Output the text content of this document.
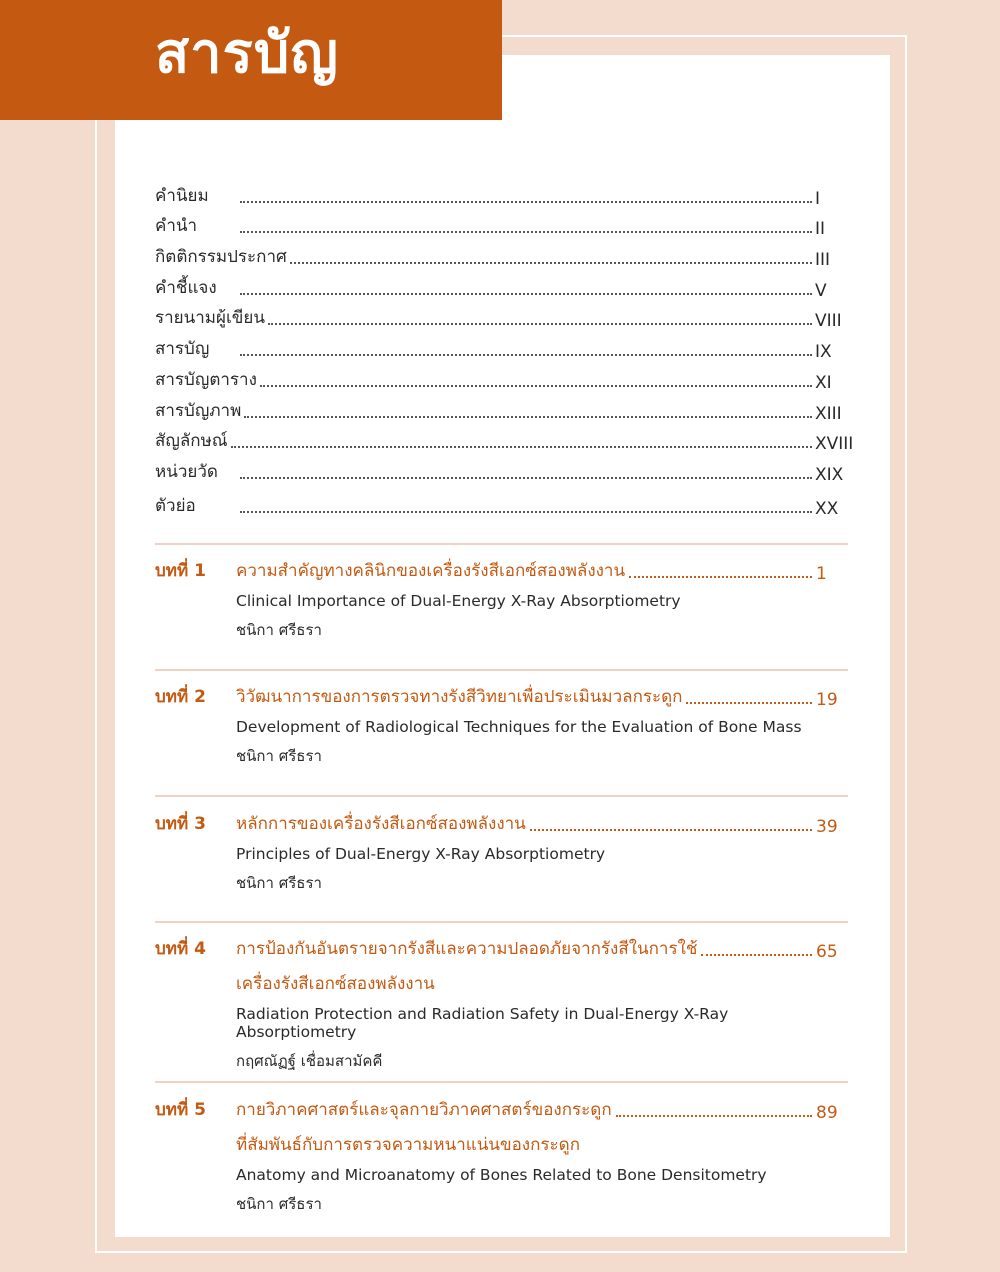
สารบัญ
คำนิยม	I
คำนำ	II
กิตติกรรมประกาศ	III
คำชี้แจง	V
รายนามผู้เขียน	VIII
สารบัญ	IX
สารบัญตาราง	XI
สารบัญภาพ	XIII
สัญลักษณ์	XVIII
หน่วยวัด	XIX
ตัวย่อ	XX
บทที่ 1	ความสำคัญทางคลินิกของเครื่องรังสีเอกซ์สองพลังงาน	1
Clinical Importance of Dual-Energy X-Ray Absorptiometry
ชนิกา ศรีธรา
บทที่ 2	วิวัฒนาการของการตรวจทางรังสีวิทยาเพื่อประเมินมวลกระดูก	19
Development of Radiological Techniques for the Evaluation of Bone Mass
ชนิกา ศรีธรา
บทที่ 3	หลักการของเครื่องรังสีเอกซ์สองพลังงาน	39
Principles of Dual-Energy X-Ray Absorptiometry
ชนิกา ศรีธรา
บทที่ 4	การป้องกันอันตรายจากรังสีและความปลอดภัยจากรังสีในการใช้	65
เครื่องรังสีเอกซ์สองพลังงาน
Radiation Protection and Radiation Safety in Dual-Energy X-Ray Absorptiometry
กฤศณัฏฐ์ เชื่อมสามัคคี
บทที่ 5	กายวิภาคศาสตร์และจุลกายวิภาคศาสตร์ของกระดูก	89
ที่สัมพันธ์กับการตรวจความหนาแน่นของกระดูก
Anatomy and Microanatomy of Bones Related to Bone Densitometry
ชนิกา ศรีธรา
